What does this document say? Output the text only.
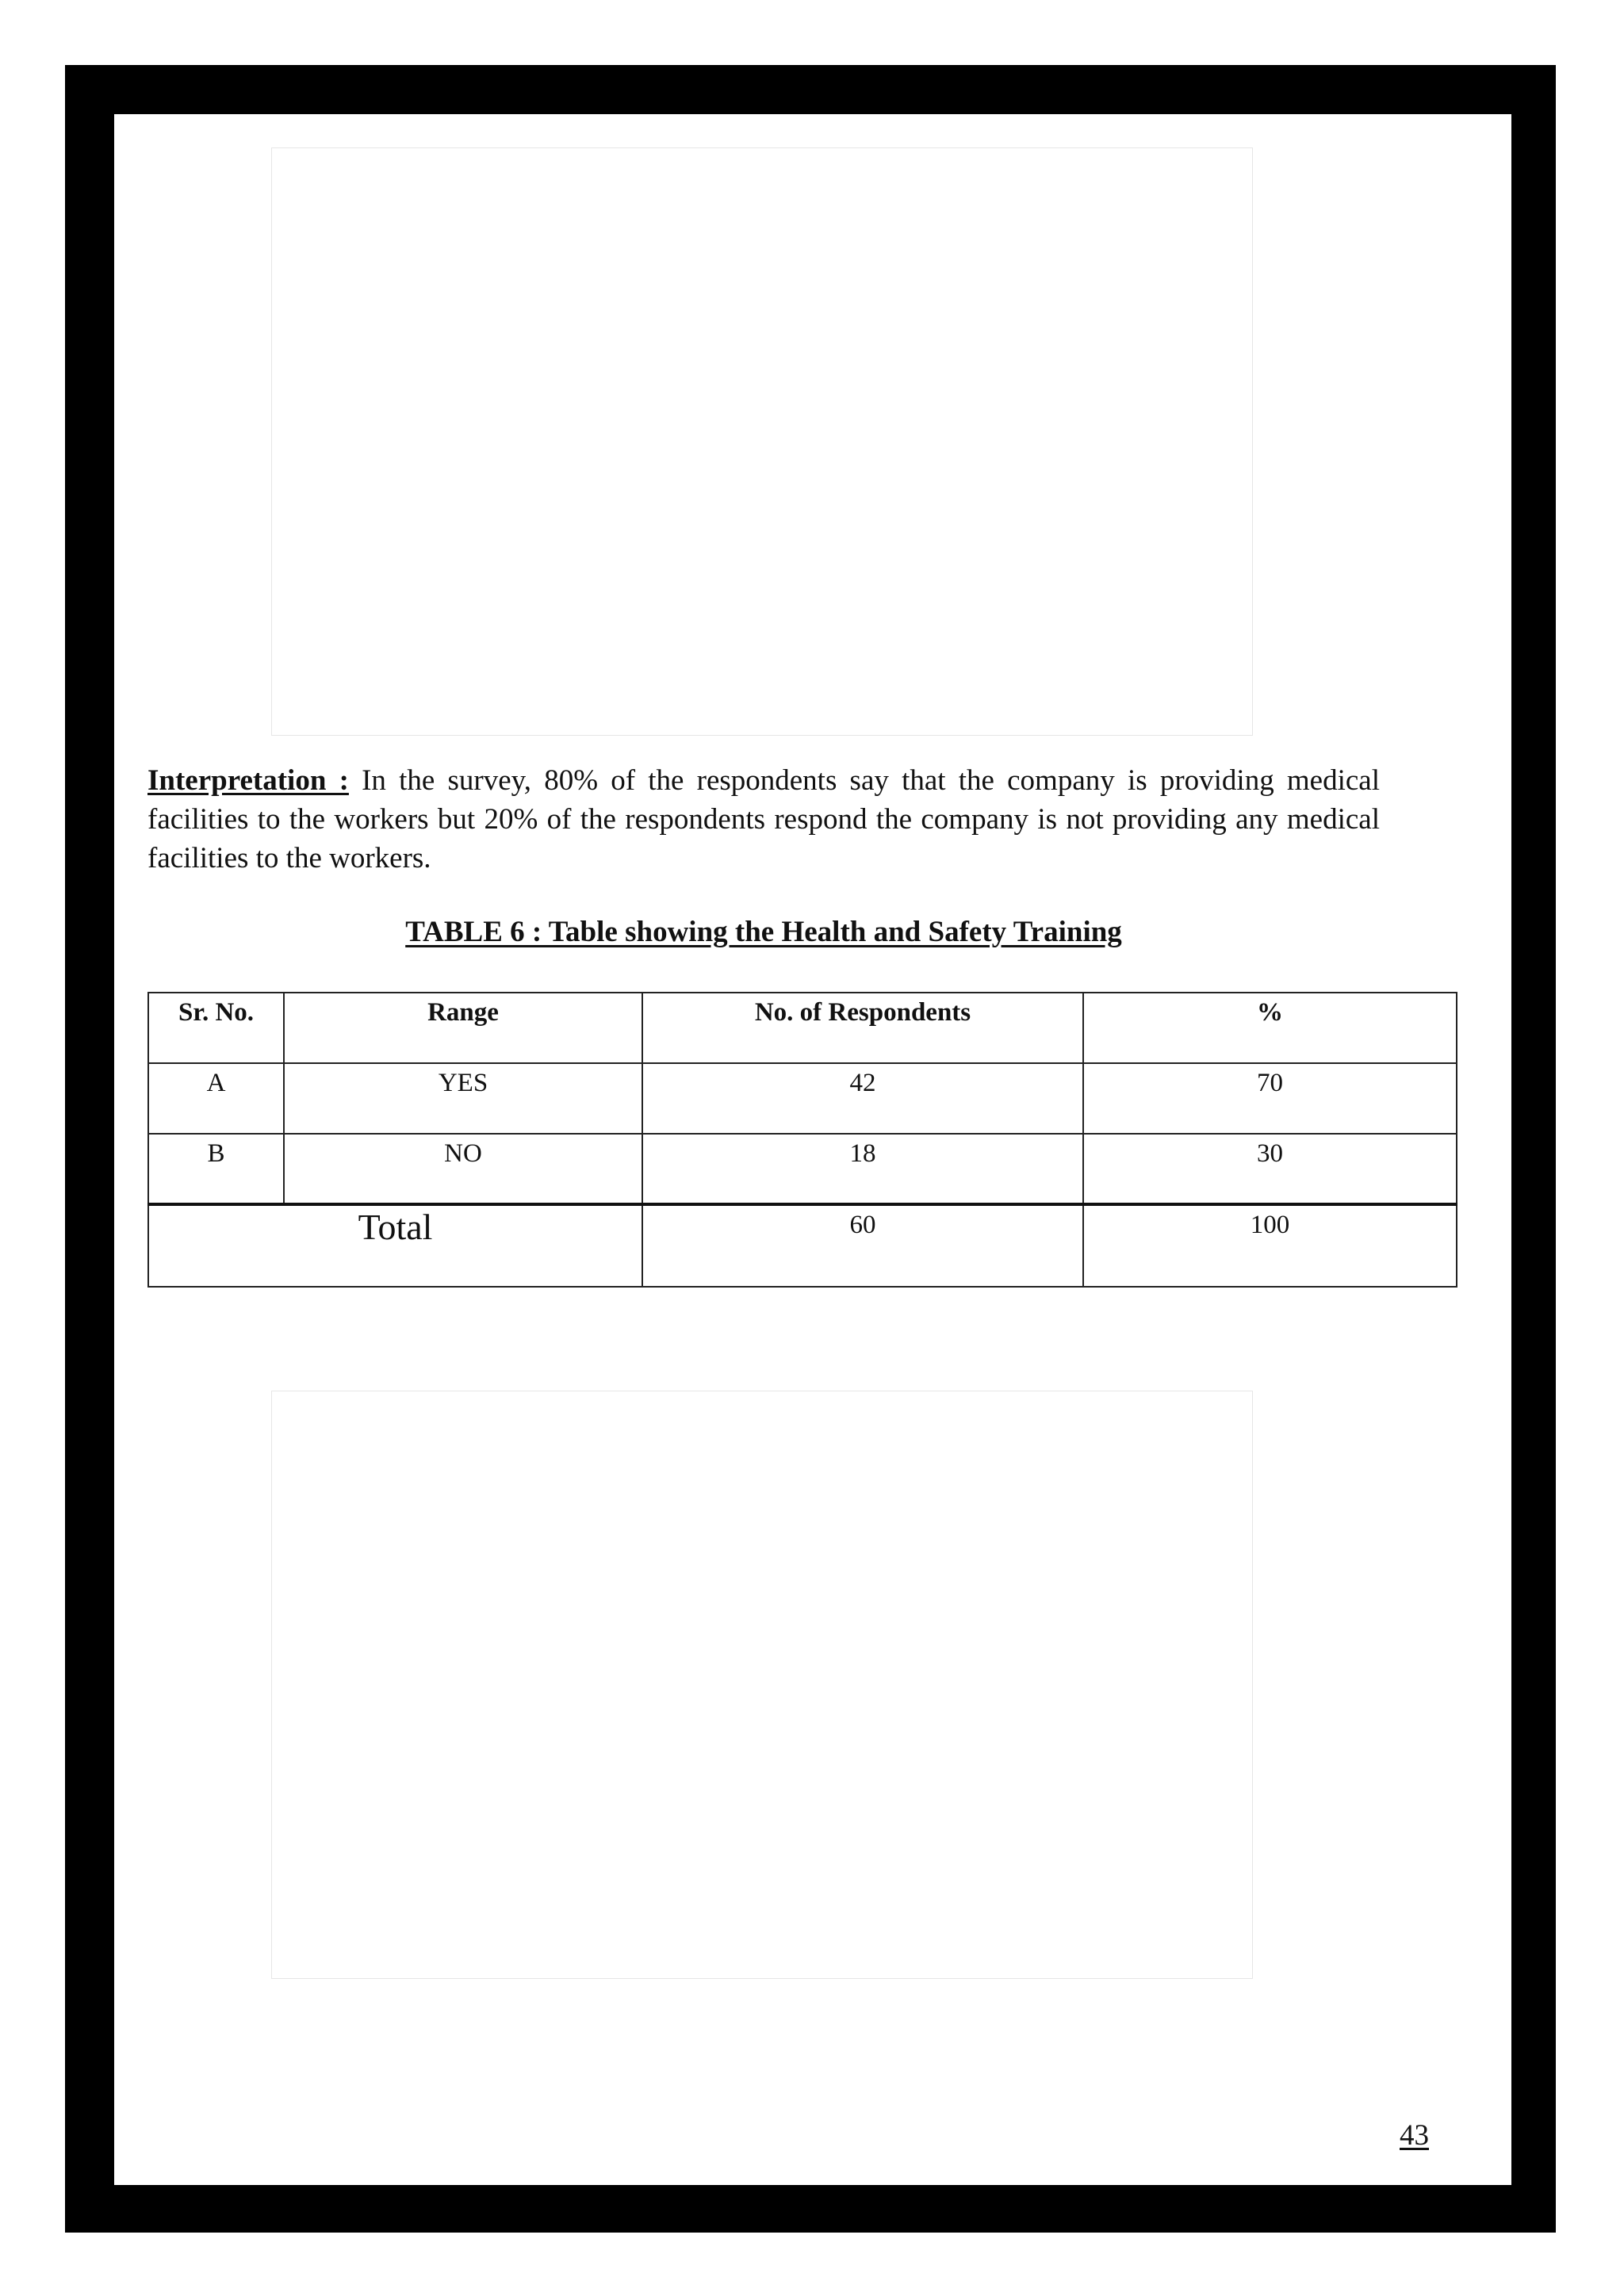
Interpretation : In the survey, 80% of the respondents say that the company is providing medical facilities to the workers but 20% of the respondents respond the company is not providing any medical facilities to the workers.
TABLE 6 : Table showing the Health and Safety Training
Sr. No.	Range	No. of Respondents	%
A	YES	42	70
B	NO	18	30
Total		60	100
43
